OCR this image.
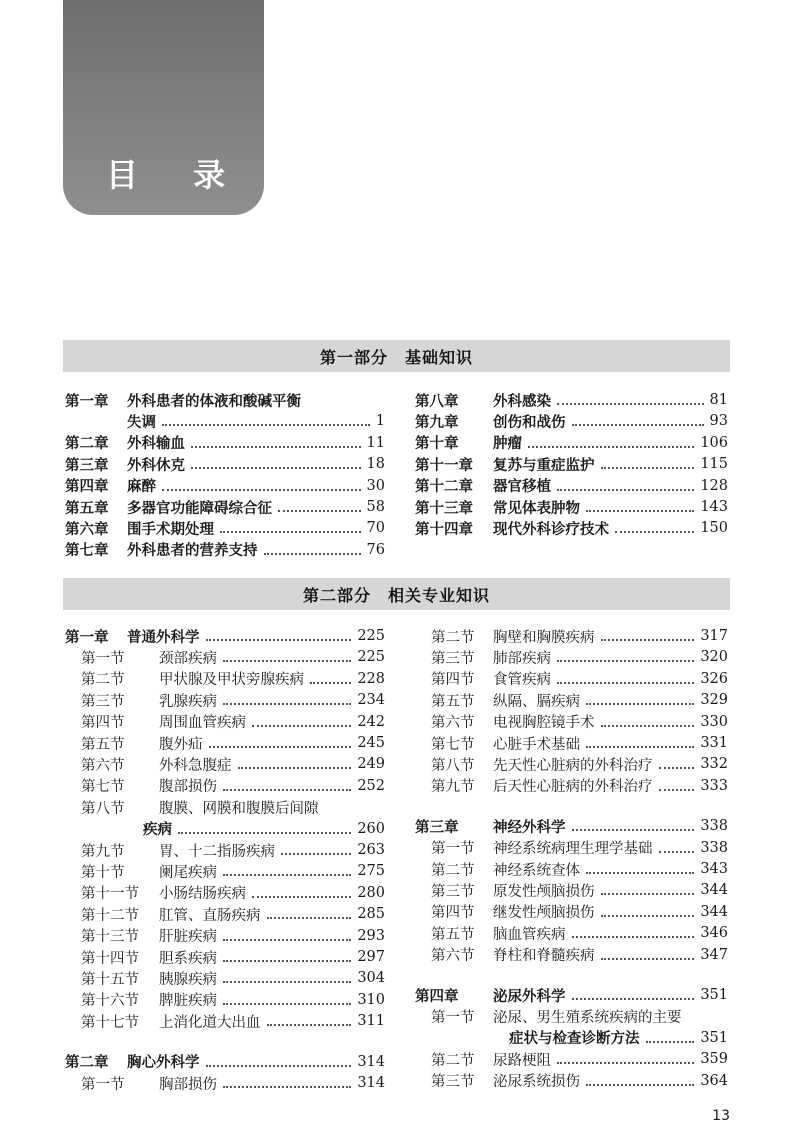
目 录
第一部分　基础知识
第二部分　相关专业知识
第一章	外科患者的体液和酸碱平衡
失调	1
第二章	外科输血	11
第三章	外科休克	18
第四章	麻醉	30
第五章	多器官功能障碍综合征	58
第六章	围手术期处理	70
第七章	外科患者的营养支持	76
第八章	外科感染	81
第九章	创伤和战伤	93
第十章	肿瘤	106
第十一章	复苏与重症监护	115
第十二章	器官移植	128
第十三章	常见体表肿物	143
第十四章	现代外科诊疗技术	150
第一章	普通外科学	225
第一节	颈部疾病	225
第二节	甲状腺及甲状旁腺疾病	228
第三节	乳腺疾病	234
第四节	周围血管疾病	242
第五节	腹外疝	245
第六节	外科急腹症	249
第七节	腹部损伤	252
第八节	腹膜、网膜和腹膜后间隙
疾病	260
第九节	胃、十二指肠疾病	263
第十节	阑尾疾病	275
第十一节	小肠结肠疾病	280
第十二节	肛管、直肠疾病	285
第十三节	肝脏疾病	293
第十四节	胆系疾病	297
第十五节	胰腺疾病	304
第十六节	脾脏疾病	310
第十七节	上消化道大出血	311
第二章	胸心外科学	314
第一节	胸部损伤	314
第二节	胸壁和胸膜疾病	317
第三节	肺部疾病	320
第四节	食管疾病	326
第五节	纵隔、膈疾病	329
第六节	电视胸腔镜手术	330
第七节	心脏手术基础	331
第八节	先天性心脏病的外科治疗	332
第九节	后天性心脏病的外科治疗	333
第三章	神经外科学	338
第一节	神经系统病理生理学基础	338
第二节	神经系统查体	343
第三节	原发性颅脑损伤	344
第四节	继发性颅脑损伤	344
第五节	脑血管疾病	346
第六节	脊柱和脊髓疾病	347
第四章	泌尿外科学	351
第一节	泌尿、男生殖系统疾病的主要
症状与检查诊断方法	351
第二节	尿路梗阻	359
第三节	泌尿系统损伤	364
13
